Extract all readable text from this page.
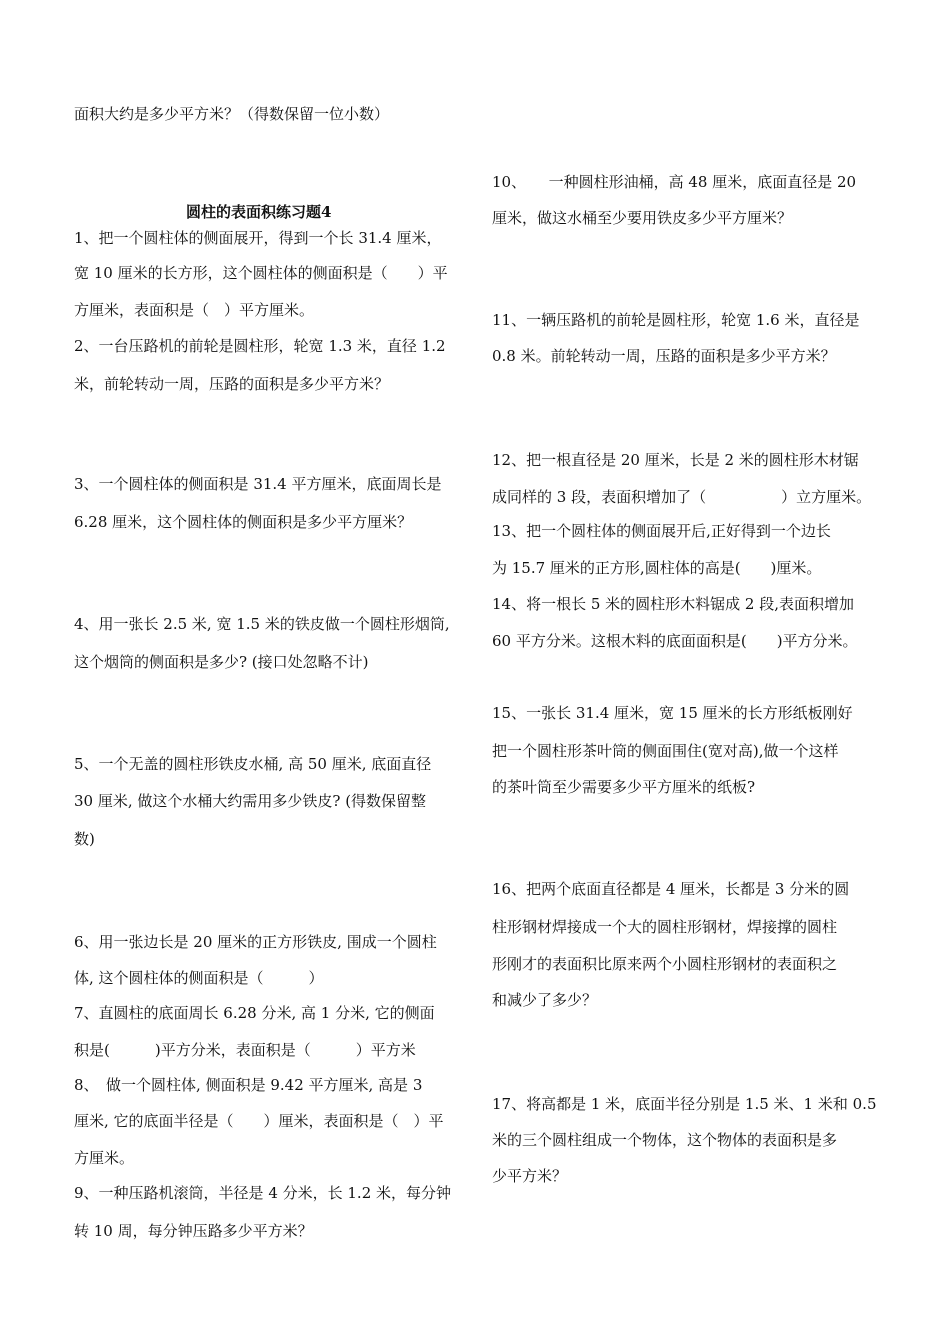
面积大约是多少平方米？（得数保留一位小数）
圆柱的表面积练习题4
1、把一个圆柱体的侧面展开，得到一个长 31.4 厘米，
宽 10 厘米的长方形，这个圆柱体的侧面积是（　　）平
方厘米，表面积是（　）平方厘米。
2、一台压路机的前轮是圆柱形，轮宽 1.3 米，直径 1.2
米，前轮转动一周，压路的面积是多少平方米？
3、一个圆柱体的侧面积是 31.4 平方厘米，底面周长是
6.28 厘米，这个圆柱体的侧面积是多少平方厘米？
4、用一张长 2.5 米, 宽 1.5 米的铁皮做一个圆柱形烟筒,
这个烟筒的侧面积是多少? (接口处忽略不计)
5、一个无盖的圆柱形铁皮水桶, 高 50 厘米, 底面直径
30 厘米, 做这个水桶大约需用多少铁皮? (得数保留整
数)
6、用一张边长是 20 厘米的正方形铁皮, 围成一个圆柱
体, 这个圆柱体的侧面积是（　　　）
7、直圆柱的底面周长 6.28 分米, 高 1 分米, 它的侧面
积是(　　　)平方分米，表面积是（　　　）平方米
8、　做一个圆柱体, 侧面积是 9.42 平方厘米, 高是 3
厘米, 它的底面半径是（　　）厘米，表面积是（　）平
方厘米。
9、一种压路机滚筒，半径是 4 分米，长 1.2 米，每分钟
转 10 周，每分钟压路多少平方米？
10、　　一种圆柱形油桶，高 48 厘米，底面直径是 20
厘米，做这水桶至少要用铁皮多少平方厘米？
11、一辆压路机的前轮是圆柱形，轮宽 1.6 米，直径是
0.8 米。前轮转动一周，压路的面积是多少平方米？
12、把一根直径是 20 厘米，长是 2 米的圆柱形木材锯
成同样的 3 段，表面积增加了（　　　　　）立方厘米。
13、把一个圆柱体的侧面展开后,正好得到一个边长
为 15.7 厘米的正方形,圆柱体的高是(　　)厘米。
14、将一根长 5 米的圆柱形木料锯成 2 段,表面积增加
60 平方分米。这根木料的底面面积是(　　)平方分米。
15、一张长 31.4 厘米，宽 15 厘米的长方形纸板刚好
把一个圆柱形茶叶筒的侧面围住(宽对高),做一个这样
的茶叶筒至少需要多少平方厘米的纸板?
16、把两个底面直径都是 4 厘米，长都是 3 分米的圆
柱形钢材焊接成一个大的圆柱形钢材，焊接撑的圆柱
形刚才的表面积比原来两个小圆柱形钢材的表面积之
和减少了多少？
17、将高都是 1 米，底面半径分别是 1.5 米、1 米和 0.5
米的三个圆柱组成一个物体，这个物体的表面积是多
少平方米？
